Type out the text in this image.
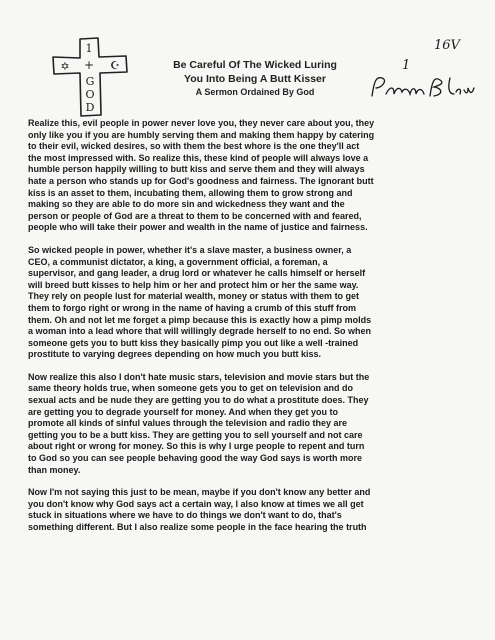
1
+
G
O
D
✡	☪	Be Careful Of The Wicked Luring
You Into Being A Butt Kisser
A Sermon Ordained By God
16V
1

Realize this, evil people in power never love you, they never care about you, they
only like you if you are humbly serving them and making them happy by catering
to their evil, wicked desires, so with them the best whore is the one they'll act
the most impressed with. So realize this, these kind of people will always love a
humble person happily willing to butt kiss and serve them and they will always
hate a person who stands up for God's goodness and fairness. The ignorant butt
kiss is an asset to them, incubating them, allowing them to grow strong and
making so they are able to do more sin and wickedness they want and the
person or people of God are a threat to them to be concerned with and feared,
people who will take their power and wealth in the name of justice and fairness.

So wicked people in power, whether it's a slave master, a business owner, a
CEO, a communist dictator, a king, a government official, a foreman, a
supervisor, and gang leader, a drug lord or whatever he calls himself or herself
will breed butt kisses to help him or her and protect him or her the same way.
They rely on people lust for material wealth, money or status with them to get
them to forgo right or wrong in the name of having a crumb of this stuff from
them. Oh and not let me forget a pimp because this is exactly how a pimp molds
a woman into a lead whore that will willingly degrade herself to no end. So when
someone gets you to butt kiss they basically pimp you out like a well -trained
prostitute to varying degrees depending on how much you butt kiss.

Now realize this also I don't hate music stars, television and movie stars but the
same theory holds true, when someone gets you to get on television and do
sexual acts and be nude they are getting you to do what a prostitute does. They
are getting you to degrade yourself for money. And when they get you to
promote all kinds of sinful values through the television and radio they are
getting you to be a butt kiss. They are getting you to sell yourself and not care
about right or wrong for money. So this is why I urge people to repent and turn
to God so you can see people behaving good the way God says is worth more
than money.

Now I'm not saying this just to be mean, maybe if you don't know any better and
you don't know why God says act a certain way, I also know at times we all get
stuck in situations where we have to do things we don't want to do, that's
something different. But I also realize some people in the face hearing the truth
